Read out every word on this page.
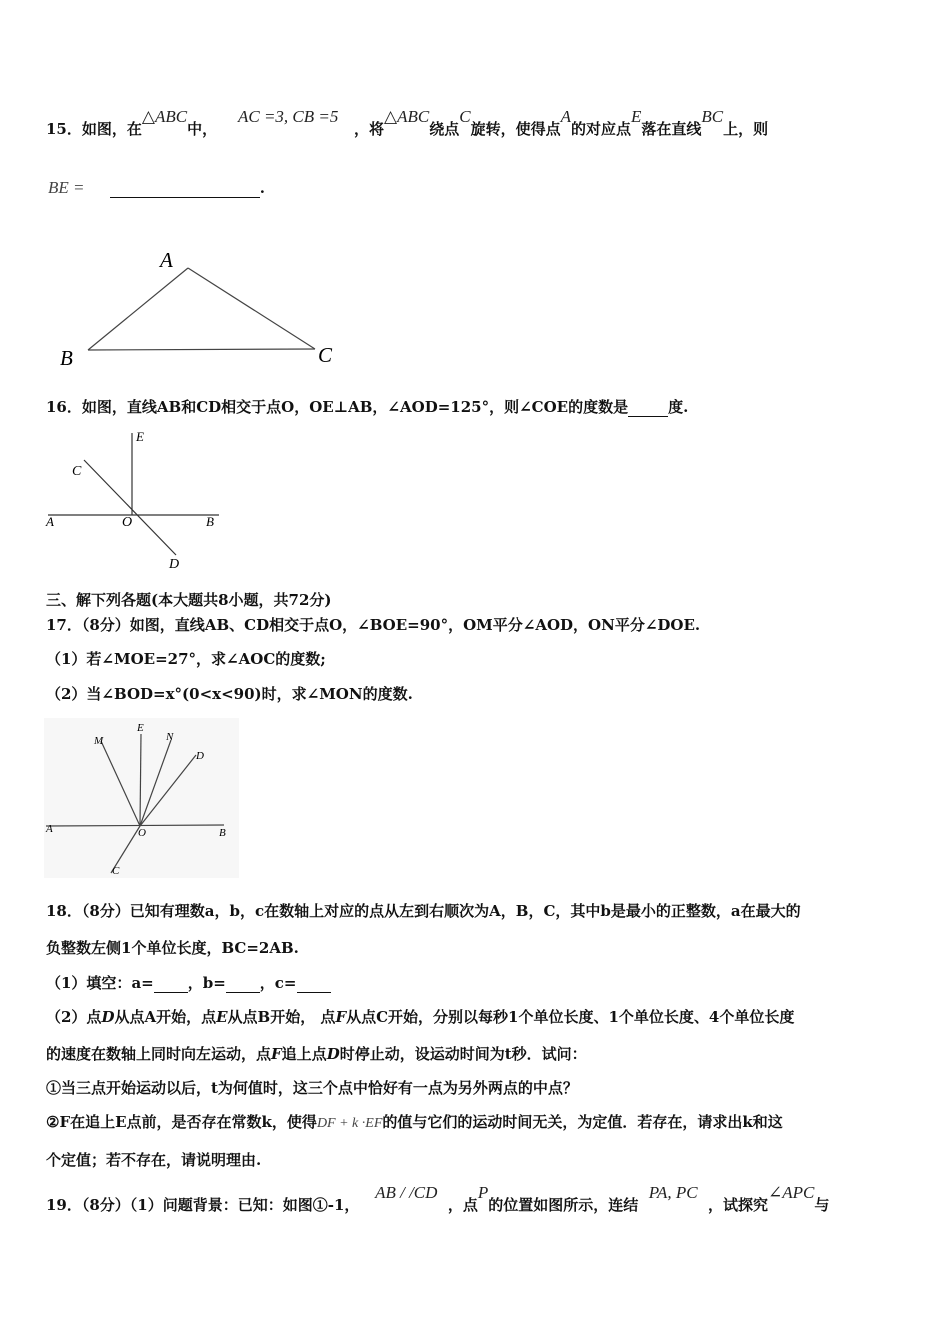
15．如图，在△ABC中，    AC =3, CB =5   ，将△ABC绕点C旋转，使得点A的对应点E落在直线BC上，则
BE =	.
A
B	C
16．如图，直线AB和CD相交于点O，OE⊥AB，∠AOD=125°，则∠COE的度数是	度.
E
C
A	O	B
D
三、解下列各题(本大题共8小题，共72分)
17．（8分）如图，直线AB、CD相交于点O，∠BOE=90°，OM平分∠AOD，ON平分∠DOE.
（1）若∠MOE=27°，求∠AOC的度数;
（2）当∠BOD=x°(0<x<90)时，求∠MON的度数.
M
E
N
D
A	O	B
C
18．（8分）已知有理数a，b，c在数轴上对应的点从左到右顺次为A，B，C，其中b是最小的正整数，a在最大的
负整数左侧1个单位长度，BC=2AB.
（1）填空：a= ，b= ，c=
（2）点D从点A开始，点E从点B开始， 点F从点C开始，分别以每秒1个单位长度、1个单位长度、4个单位长度
的速度在数轴上同时向左运动，点F追上点D时停止动，设运动时间为t秒．试问：
①当三点开始运动以后，t为何值时，这三个点中恰好有一点为另外两点的中点？
②F在追上E点前，是否存在常数k，使得DF + k ·EF的值与它们的运动时间无关，为定值．若存在，请求出k和这
个定值；若不存在，请说明理由.
19．（8分）（1）问题背景：已知：如图①-1，   AB / /CD  ，点P的位置如图所示，连结  PA, PC  ，试探究∠APC与
